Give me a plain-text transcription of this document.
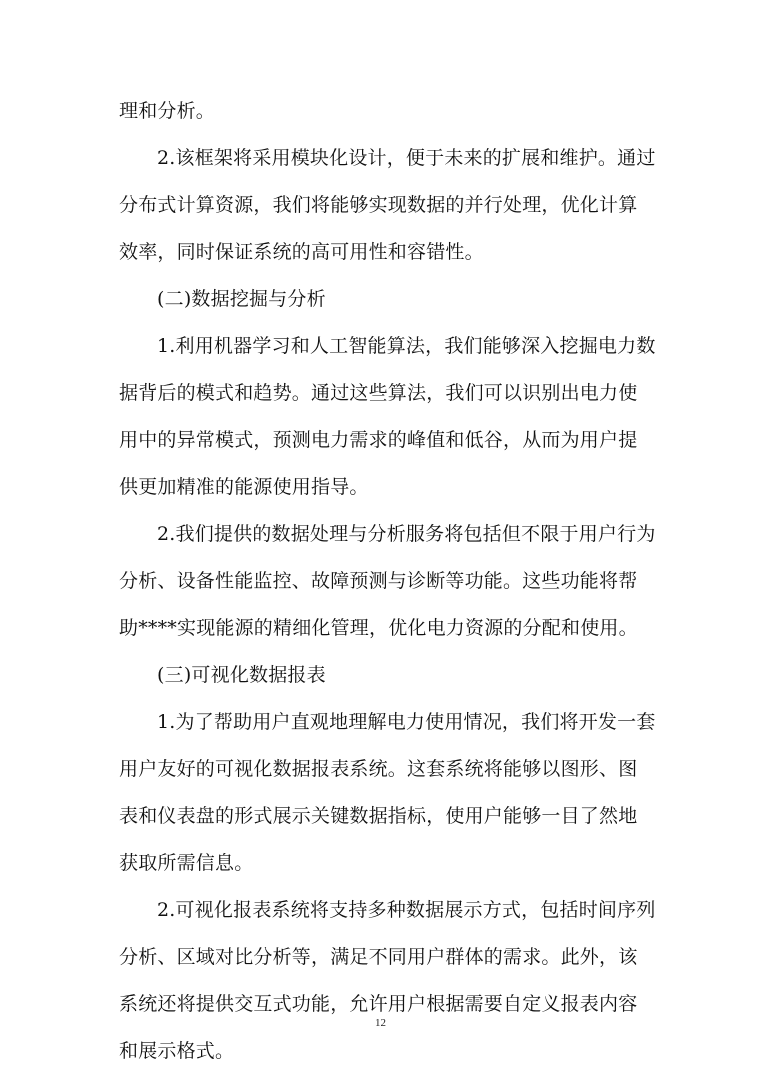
理和分析。
2.该框架将采用模块化设计，便于未来的扩展和维护。通过
分布式计算资源，我们将能够实现数据的并行处理，优化计算
效率，同时保证系统的高可用性和容错性。
(二)数据挖掘与分析
1.利用机器学习和人工智能算法，我们能够深入挖掘电力数
据背后的模式和趋势。通过这些算法，我们可以识别出电力使
用中的异常模式，预测电力需求的峰值和低谷，从而为用户提
供更加精准的能源使用指导。
2.我们提供的数据处理与分析服务将包括但不限于用户行为
分析、设备性能监控、故障预测与诊断等功能。这些功能将帮
助****实现能源的精细化管理，优化电力资源的分配和使用。
(三)可视化数据报表
1.为了帮助用户直观地理解电力使用情况，我们将开发一套
用户友好的可视化数据报表系统。这套系统将能够以图形、图
表和仪表盘的形式展示关键数据指标，使用户能够一目了然地
获取所需信息。
2.可视化报表系统将支持多种数据展示方式，包括时间序列
分析、区域对比分析等，满足不同用户群体的需求。此外，该
系统还将提供交互式功能，允许用户根据需要自定义报表内容
和展示格式。
12
